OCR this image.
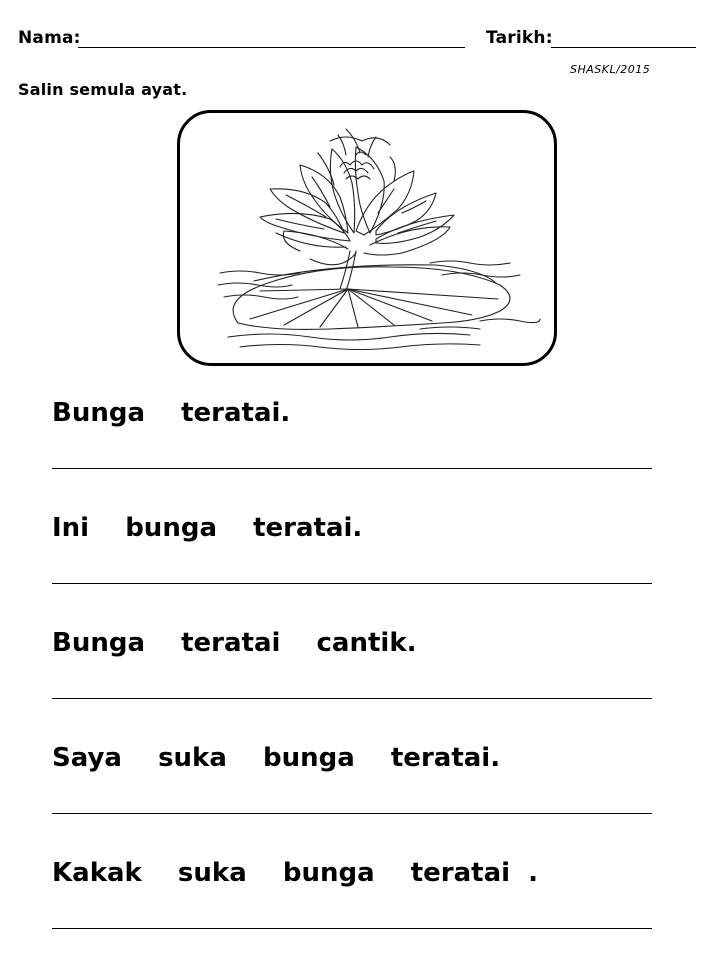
Nama:	Tarikh:
SHASKL/2015
Salin semula ayat.
Bunga  teratai.
Ini  bunga  teratai.
Bunga  teratai  cantik.
Saya  suka  bunga  teratai.
Kakak  suka  bunga  teratai .
